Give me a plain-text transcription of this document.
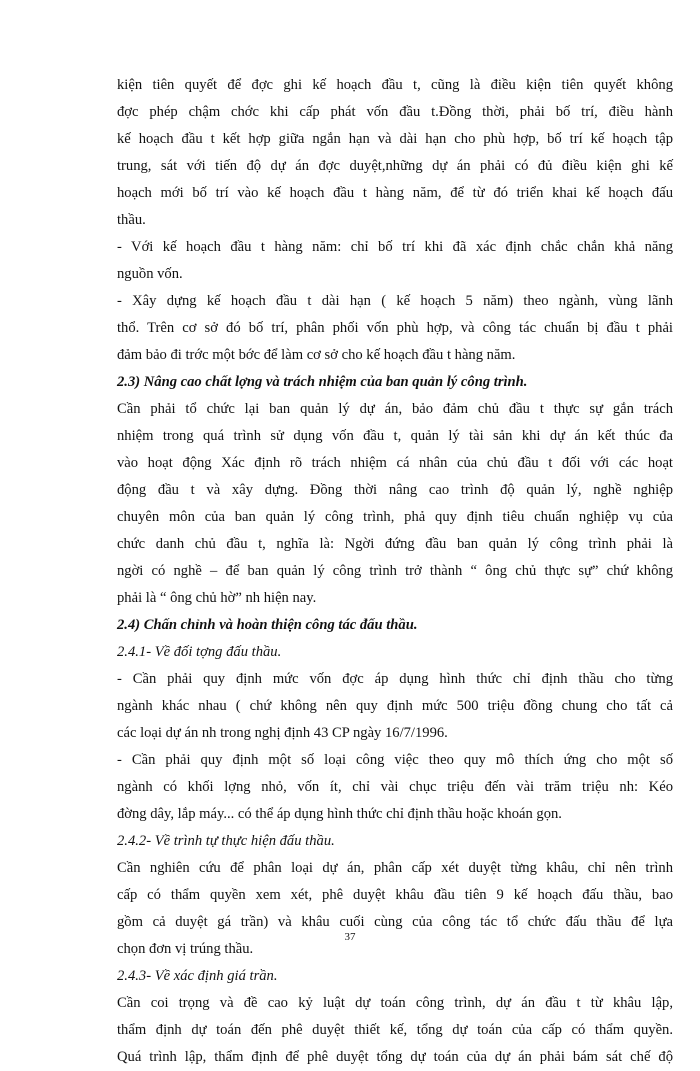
kiện tiên quyết để đợc ghi kế hoạch đầu t, cũng là điều kiện tiên quyết không
đợc phép chậm chớc khi cấp phát vốn đầu t.Đồng thời, phải bố trí, điều hành
kế hoạch đầu t kết hợp giữa ngắn hạn và dài hạn cho phù hợp, bố trí kế hoạch tập
trung, sát với tiến độ dự án đợc duyệt,những dự án phải có đủ điều kiện ghi kế
hoạch mới bố trí vào kế hoạch đầu t hàng năm, để từ đó triển khai kế hoạch đấu
thầu.
- Với kế hoạch đầu t hàng năm: chỉ bố trí khi đã xác định chắc chắn khả năng
nguồn vốn.
- Xây dựng kế hoạch đầu t dài hạn ( kế hoạch 5 năm) theo ngành, vùng lãnh
thổ. Trên cơ sở đó bố trí, phân phối vốn phù hợp, và công tác chuẩn bị đầu t phải
đảm bảo đi trớc một bớc để làm cơ sở cho kế hoạch đầu t hàng năm.
2.3) Nâng cao chất lợng và trách nhiệm của ban quản lý công trình.
Cần phải tổ chức lại ban quản lý dự án, bảo đảm chủ đầu t thực sự gắn trách
nhiệm trong quá trình sử dụng vốn đầu t, quản lý tài sản khi dự án kết thúc đa
vào hoạt động Xác định rõ trách nhiệm cá nhân của chủ đầu t đối với các hoạt
động đầu t và xây dựng. Đồng thời nâng cao trình độ quản lý, nghề nghiệp
chuyên môn của ban quản lý công trình, phả quy định tiêu chuẩn nghiệp vụ của
chức danh chủ đầu t, nghĩa là: Ngời đứng đầu ban quản lý công trình phải là
ngời có nghề – để ban quản lý công trình trở thành “ ông chủ thực sự” chứ không
phải là “ ông chủ hờ” nh hiện nay.
2.4) Chấn chỉnh và hoàn thiện công tác đấu thầu.
2.4.1- Về đối tợng đấu thầu.
- Cần phải quy định mức vốn đợc áp dụng hình thức chỉ định thầu cho từng
ngành khác nhau ( chứ không nên quy định mức 500 triệu đồng chung cho tất cả
các loại dự án nh trong nghị định 43 CP ngày 16/7/1996.
- Cần phải quy định một số loại công việc theo quy mô thích ứng cho một số
ngành có khối lợng nhỏ, vốn ít, chỉ vài chục triệu đến vài trăm triệu nh: Kéo
đờng dây, lắp máy... có thể áp dụng hình thức chỉ định thầu hoặc khoán gọn.
2.4.2- Về trình tự thực hiện đấu thầu.
Cần nghiên cứu để phân loại dự án, phân cấp xét duyệt từng khâu, chỉ nên trình
cấp có thẩm quyền xem xét, phê duyệt khâu đầu tiên 9 kế hoạch đấu thầu, bao
gồm cả duyệt gá trần) và khâu cuối cùng của công tác tổ chức đấu thầu để lựa
chọn đơn vị trúng thầu.
2.4.3- Về xác định giá trần.
Cần coi trọng và đề cao kỷ luật dự toán công trình, dự án đầu t từ khâu lập,
thẩm định dự toán đến phê duyệt thiết kế, tổng dự toán của cấp có thẩm quyền.
Quá trình lập, thẩm định để phê duyệt tổng dự toán của dự án phải bám sát chế độ
37
